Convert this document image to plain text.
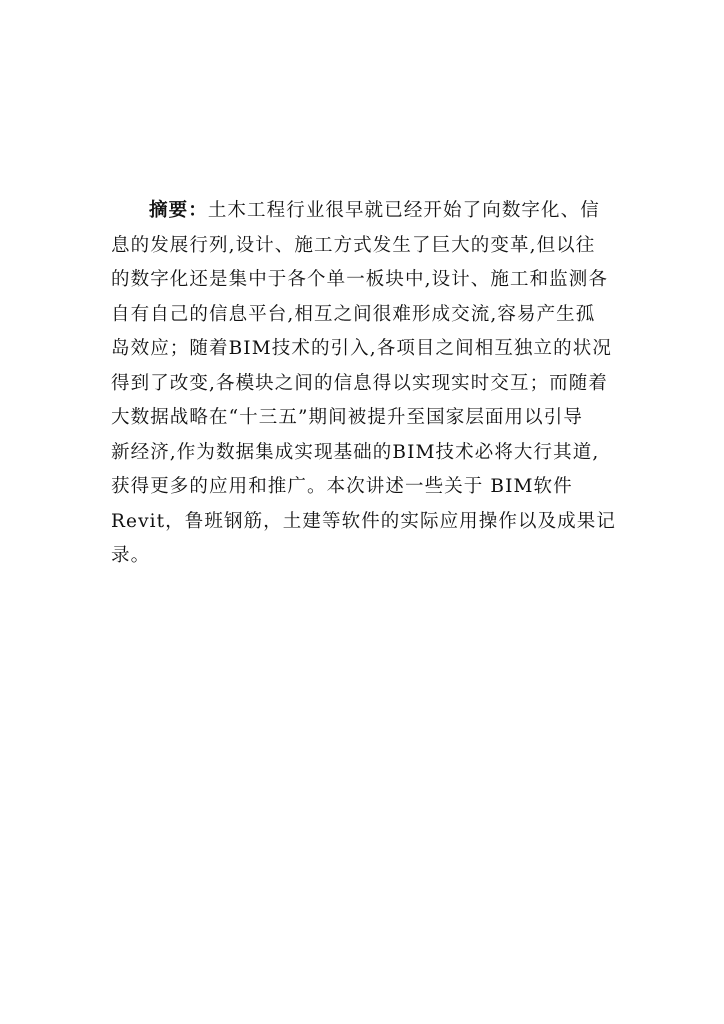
摘要：土木工程行业很早就已经开始了向数字化、信
息的发展行列,设计、施工方式发生了巨大的变革,但以往
的数字化还是集中于各个单一板块中,设计、施工和监测各
自有自己的信息平台,相互之间很难形成交流,容易产生孤
岛效应；随着BIM技术的引入,各项目之间相互独立的状况
得到了改变,各模块之间的信息得以实现实时交互；而随着
大数据战略在“十三五”期间被提升至国家层面用以引导
新经济,作为数据集成实现基础的BIM技术必将大行其道,
获得更多的应用和推广。本次讲述一些关于 BIM软件
Revit，鲁班钢筋，土建等软件的实际应用操作以及成果记
录。
